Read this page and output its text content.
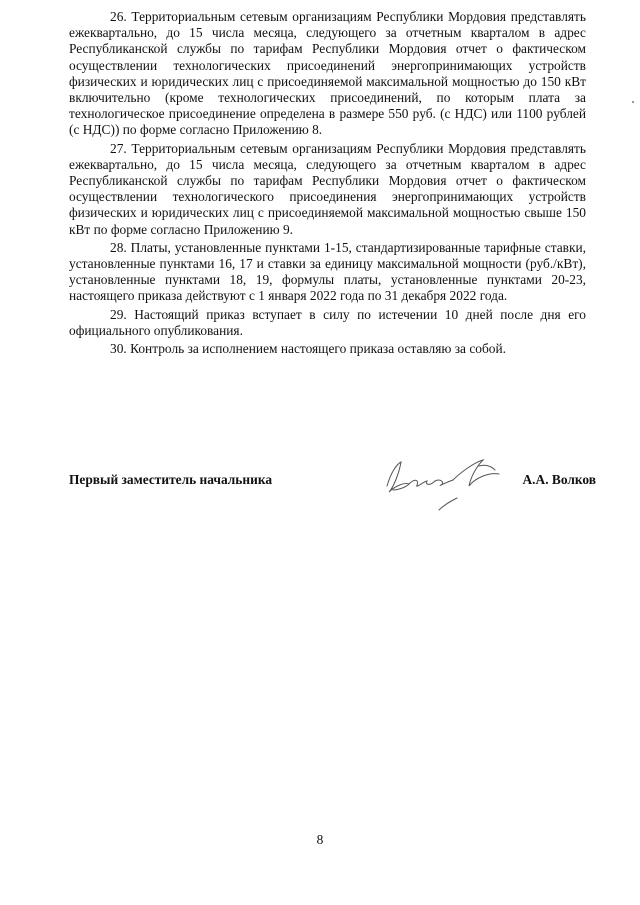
26. Территориальным сетевым организациям Республики Мордовия представлять ежеквартально, до 15 числа месяца, следующего за отчетным кварталом в адрес Республиканской службы по тарифам Республики Мордовия отчет о фактическом осуществлении технологических присоединений энергопринимающих устройств физических и юридических лиц с присоединяемой максимальной мощностью до 150 кВт включительно (кроме технологических присоединений, по которым плата за технологическое присоединение определена в размере 550 руб. (с НДС) или 1100 рублей (с НДС)) по форме согласно Приложению 8.

27. Территориальным сетевым организациям Республики Мордовия представлять ежеквартально, до 15 числа месяца, следующего за отчетным кварталом в адрес Республиканской службы по тарифам Республики Мордовия отчет о фактическом осуществлении технологического присоединения энергопринимающих устройств физических и юридических лиц с присоединяемой максимальной мощностью свыше 150 кВт по форме согласно Приложению 9.

28. Платы, установленные пунктами 1-15, стандартизированные тарифные ставки, установленные пунктами 16, 17 и ставки за единицу максимальной мощности (руб./кВт), установленные пунктами 18, 19, формулы платы, установленные пунктами 20-23, настоящего приказа действуют с 1 января 2022 года по 31 декабря 2022 года.

29. Настоящий приказ вступает в силу по истечении 10 дней после дня его официального опубликования.

30. Контроль за исполнением настоящего приказа оставляю за собой.

Первый заместитель начальника	А.А. Волков
8
